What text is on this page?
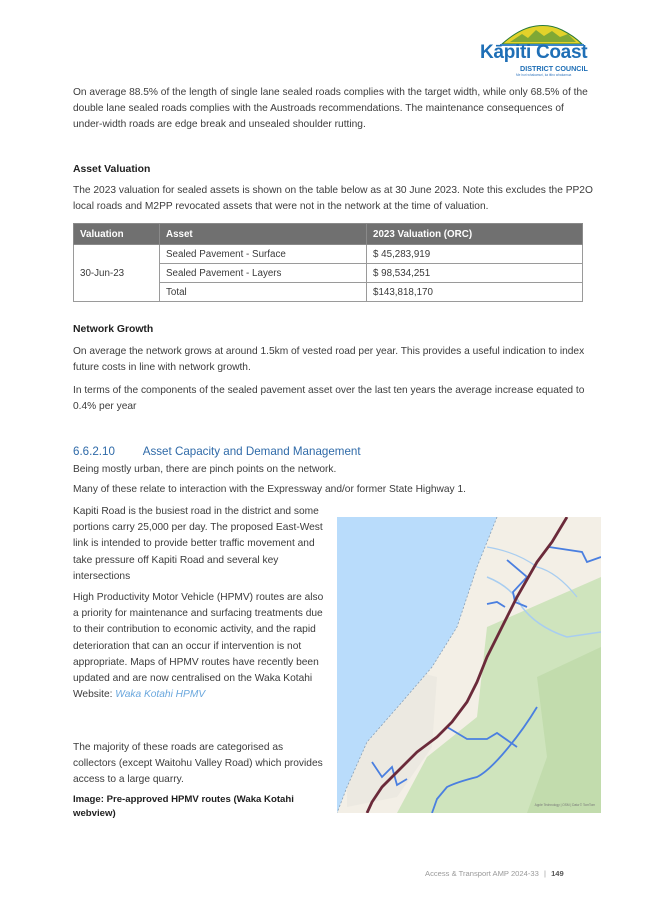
Kāpiti Coast
DISTRICT COUNCIL
Me huri whakamuri, ka titiro whakamua

On average 88.5% of the length of single lane sealed roads complies with the target width, while only 68.5% of the double lane sealed roads complies with the Austroads recommendations. The maintenance consequences of under-width roads are edge break and unsealed shoulder rutting.

Asset Valuation

The 2023 valuation for sealed assets is shown on the table below as at 30 June 2023. Note this excludes the PP2O local roads and M2PP revocated assets that were not in the network at the time of valuation.

Valuation	Asset	2023 Valuation (ORC)
30-Jun-23	Sealed Pavement - Surface	$ 45,283,919
	Sealed Pavement - Layers	$ 98,534,251
	Total	$143,818,170
Network Growth

On average the network grows at around 1.5km of vested road per year. This provides a useful indication to index future costs in line with network growth.

In terms of the components of the sealed pavement asset over the last ten years the average increase equated to 0.4% per year

6.6.2.10 Asset Capacity and Demand Management

Being mostly urban, there are pinch points on the network.

Many of these relate to interaction with the Expressway and/or former State Highway 1.

Kapiti Road is the busiest road in the district and some portions carry 25,000 per day. The proposed East-West link is intended to provide better traffic movement and take pressure off Kapiti Road and several key intersections

High Productivity Motor Vehicle (HPMV) routes are also a priority for maintenance and surfacing treatments due to their contribution to economic activity, and the rapid deterioration that can an occur if intervention is not appropriate. Maps of HPMV routes have recently been updated and are now centralised on the Waka Kotahi Website: Waka Kotahi HPMV

The majority of these roads are categorised as collectors (except Waitohu Valley Road) which provides access to a large quarry.

Image: Pre-approved HPMV routes (Waka Kotahi webview)

Apple Technology | OSM | Data © TomTom
Access & Transport AMP 2024-33 | 149
